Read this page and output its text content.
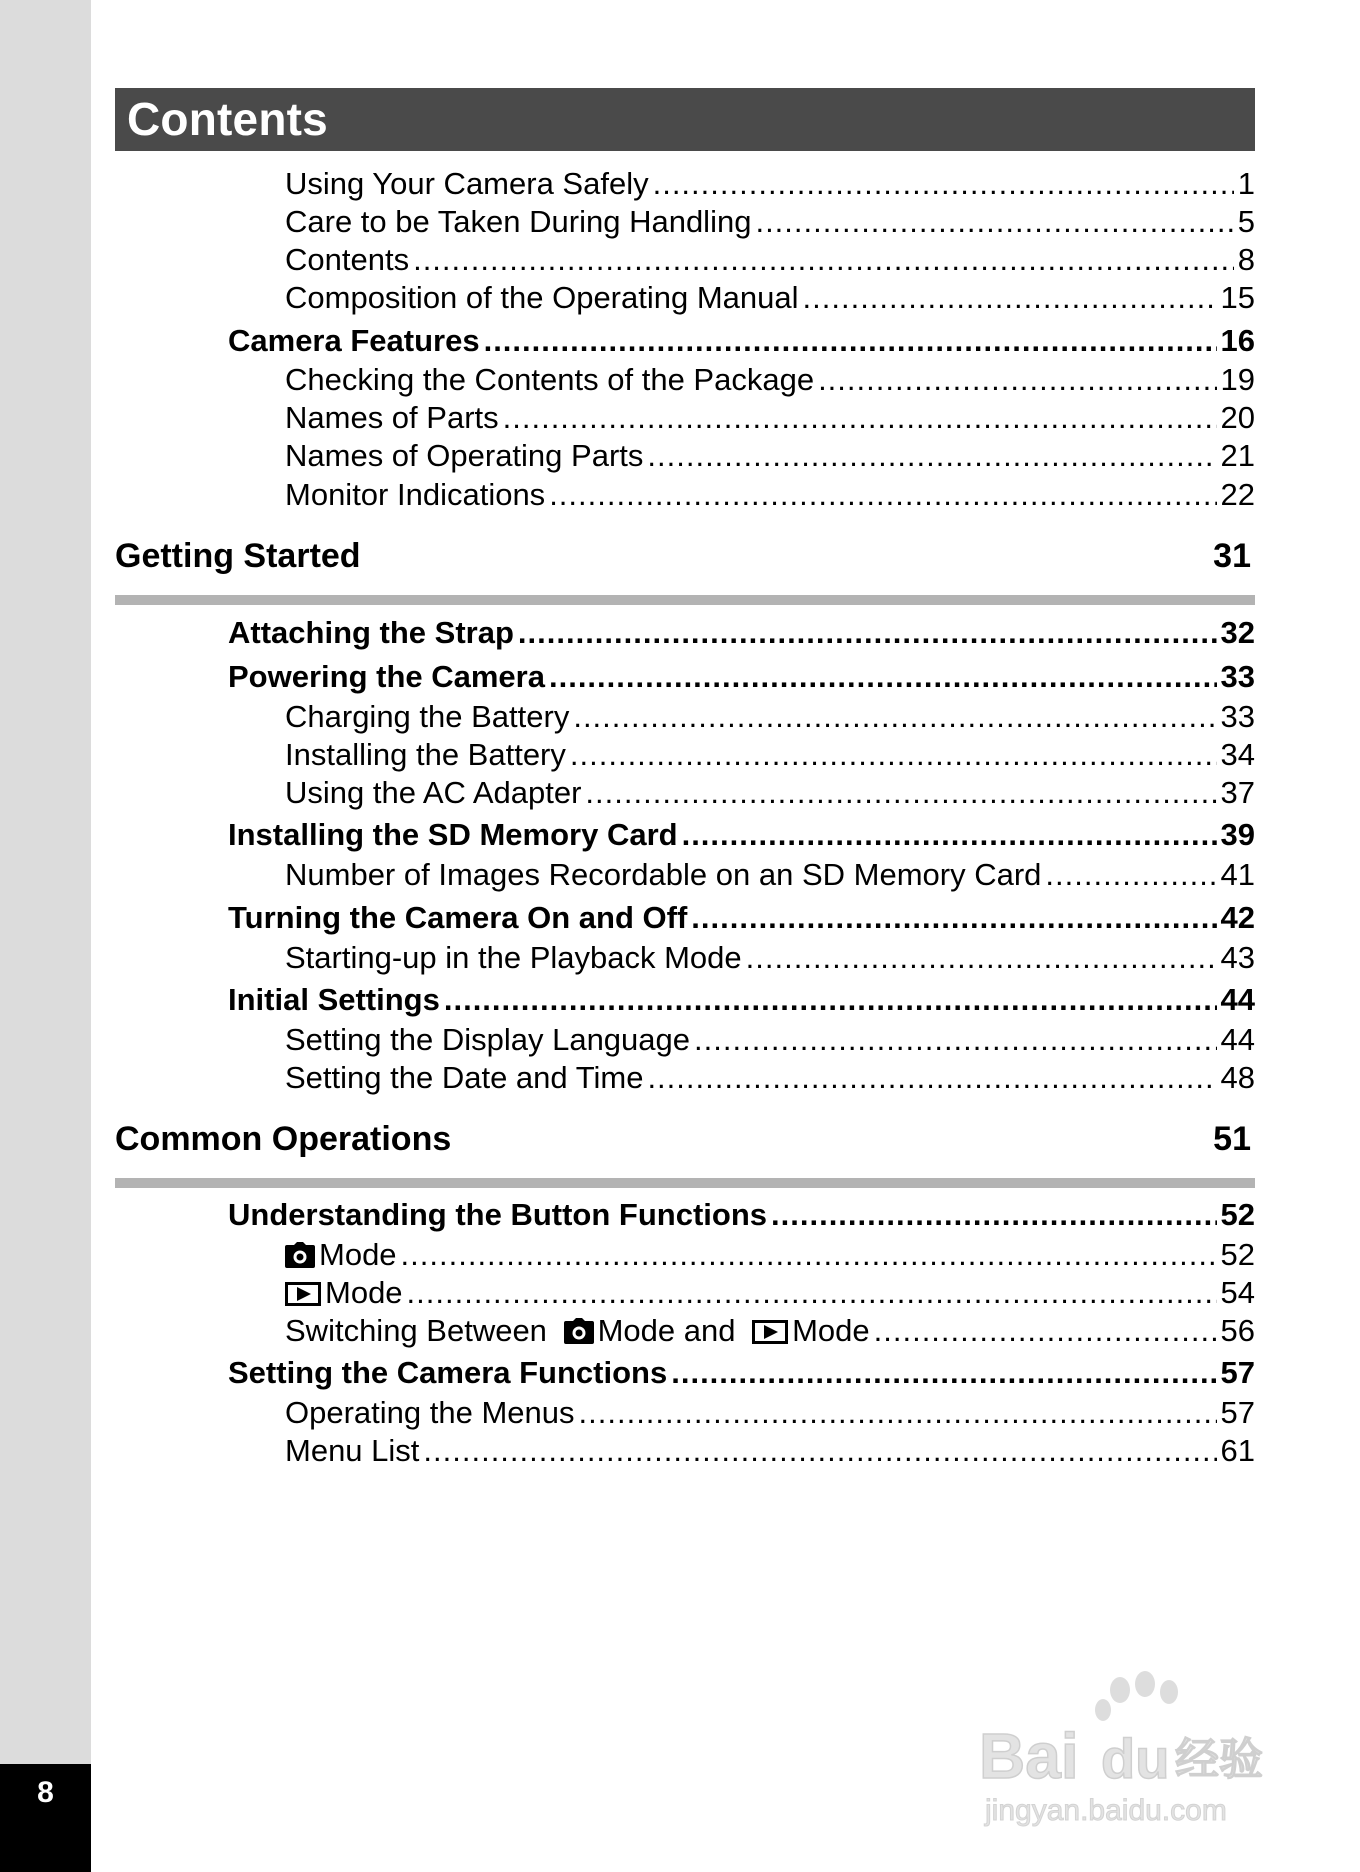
8
Contents
Using Your Camera Safely .....	1
Care to be Taken During Handling .....	5
Contents .....	8
Composition of the Operating Manual .....	15
Camera Features .....	16
Checking the Contents of the Package .....	19
Names of Parts .....	20
Names of Operating Parts .....	21
Monitor Indications .....	22
Getting Started	31
Attaching the Strap .....	32
Powering the Camera .....	33
Charging the Battery .....	33
Installing the Battery .....	34
Using the AC Adapter .....	37
Installing the SD Memory Card .....	39
Number of Images Recordable on an SD Memory Card .....	41
Turning the Camera On and Off .....	42
Starting-up in the Playback Mode .....	43
Initial Settings .....	44
Setting the Display Language .....	44
Setting the Date and Time .....	48
Common Operations	51
Understanding the Button Functions .....	52
Mode .....	52
Mode .....	54
Switching Between Mode and Mode .....	56
Setting the Camera Functions .....	57
Operating the Menus .....	57
Menu List .....	61
Bai du 经验
jingyan.baidu.com
